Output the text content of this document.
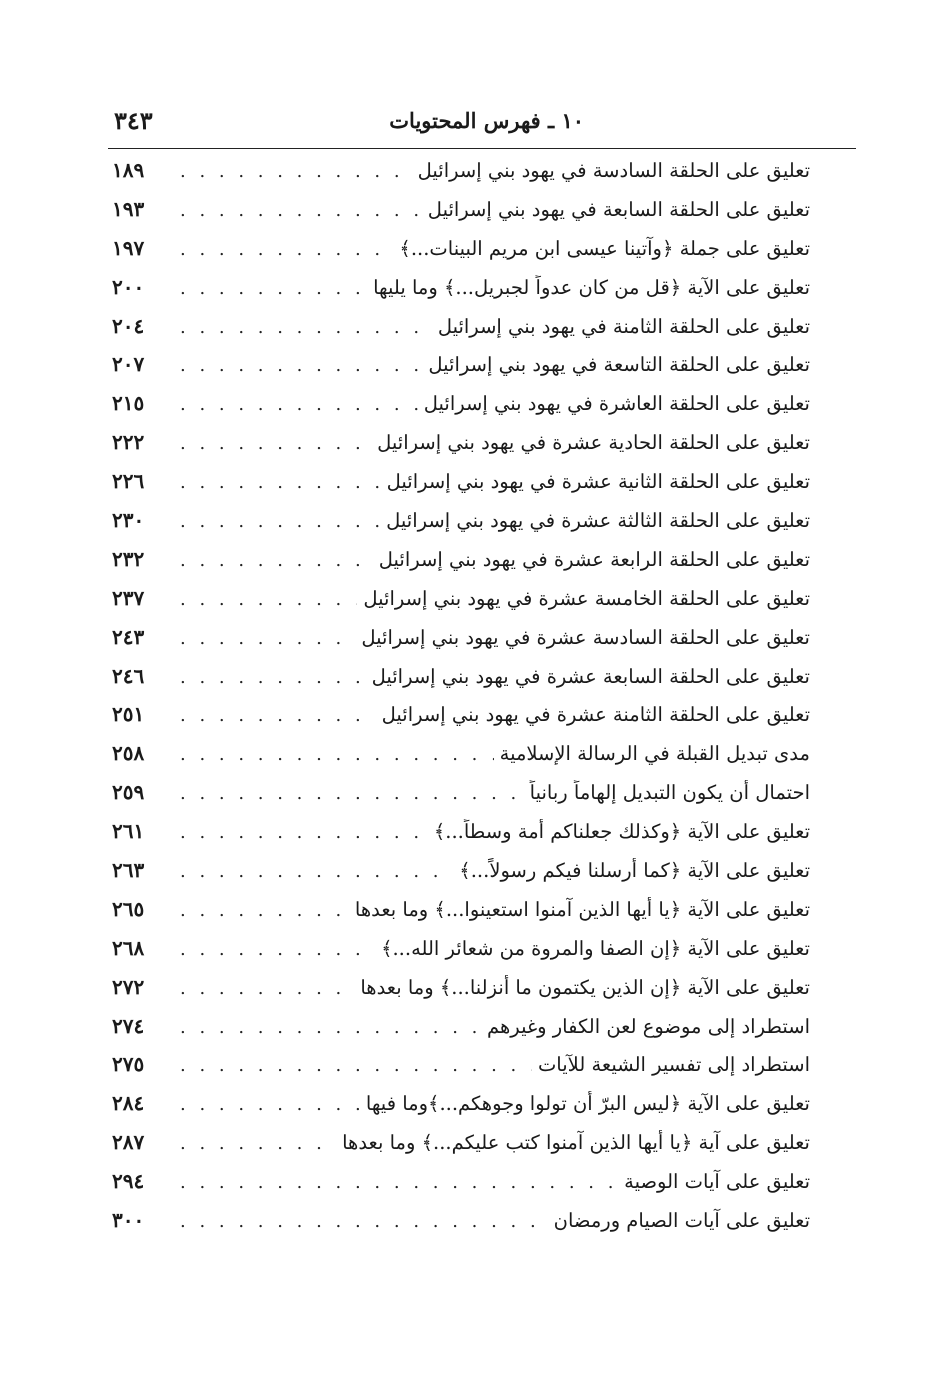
١٠ ـ فهرس المحتويات
٣٤٣
تعليق على الحلقة السادسة في يهود بني إسرائيل
. . .
١٨٩
تعليق على الحلقة السابعة في يهود بني إسرائيل
. . .
١٩٣
تعليق على جملة ﴿وآتينا عيسى ابن مريم البينات...﴾
. . .
١٩٧
تعليق على الآية ﴿قل من كان عدواً لجبريل...﴾ وما يليها
. . .
٢٠٠
تعليق على الحلقة الثامنة في يهود بني إسرائيل
. . .
٢٠٤
تعليق على الحلقة التاسعة في يهود بني إسرائيل
. . .
٢٠٧
تعليق على الحلقة العاشرة في يهود بني إسرائيل
. . .
٢١٥
تعليق على الحلقة الحادية عشرة في يهود بني إسرائيل
. . .
٢٢٢
تعليق على الحلقة الثانية عشرة في يهود بني إسرائيل
. . .
٢٢٦
تعليق على الحلقة الثالثة عشرة في يهود بني إسرائيل
. . .
٢٣٠
تعليق على الحلقة الرابعة عشرة في يهود بني إسرائيل
. . .
٢٣٢
تعليق على الحلقة الخامسة عشرة في يهود بني إسرائيل
. . .
٢٣٧
تعليق على الحلقة السادسة عشرة في يهود بني إسرائيل
. . .
٢٤٣
تعليق على الحلقة السابعة عشرة في يهود بني إسرائيل
. . .
٢٤٦
تعليق على الحلقة الثامنة عشرة في يهود بني إسرائيل
. . .
٢٥١
مدى تبديل القبلة في الرسالة الإسلامية
. . .
٢٥٨
احتمال أن يكون التبديل إلهاماً ربانياً
. . .
٢٥٩
تعليق على الآية ﴿وكذلك جعلناكم أمة وسطاً...﴾
. . .
٢٦١
تعليق على الآية ﴿كما أرسلنا فيكم رسولاً...﴾
. . .
٢٦٣
تعليق على الآية ﴿يا أيها الذين آمنوا استعينوا...﴾ وما بعدها
. . .
٢٦٥
تعليق على الآية ﴿إن الصفا والمروة من شعائر الله...﴾
. . .
٢٦٨
تعليق على الآية ﴿إن الذين يكتمون ما أنزلنا...﴾ وما بعدها
. . .
٢٧٢
استطراد إلى موضوع لعن الكفار وغيرهم
. . .
٢٧٤
استطراد إلى تفسير الشيعة للآيات
. . .
٢٧٥
تعليق على الآية ﴿ليس البرّ أن تولوا وجوهكم...﴾وما فيها
. . .
٢٨٤
تعليق على آية ﴿يا أيها الذين آمنوا كتب عليكم...﴾ وما بعدها
. . .
٢٨٧
تعليق على آيات الوصية
. . .
٢٩٤
تعليق على آيات الصيام ورمضان
. . .
٣٠٠
